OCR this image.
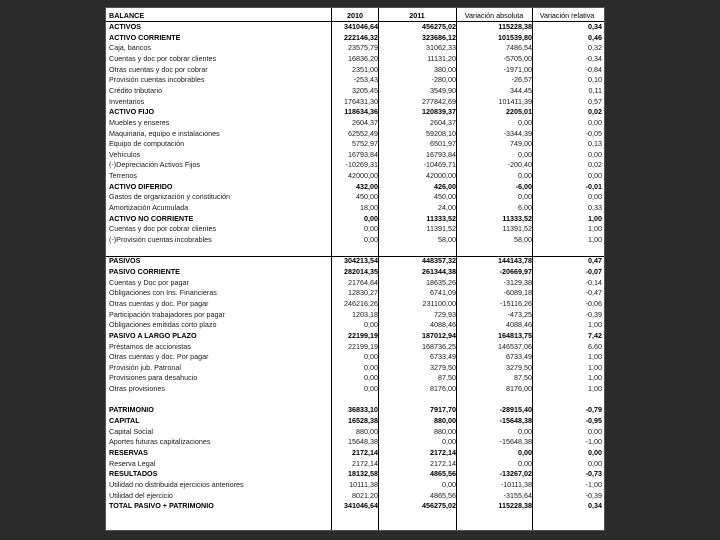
BALANCE	2010	2011	Variación absoluta	Variación relativa
ACTIVOS	341046,64	456275,02	115228,38	0,34
ACTIVO CORRIENTE	222146,32	323686,12	101539,80	0,46
Caja, bancos	23575,79	31062,33	7486,54	0,32
Cuentas y doc por cobrar clientes	16836,20	11131,20	-5705,00	-0,34
Otras cuentas y doc por cobrar	2351,00	380,00	-1971,00	-0,84
Provisión cuentas incobrables	-253,43	-280,00	-26,57	0,10
Crédito tributario	3205,45	3549,90	344,45	0,11
Inventarios	176431,30	277842,69	101411,39	0,57
ACTIVO FIJO	118634,36	120839,37	2205,01	0,02
Muebles y enseres	2604,37	2604,37	0,00	0,00
Maquinaria, equipo e instalaciones	62552,49	59208,10	-3344,39	-0,05
Equipo de computación	5752,97	6501,97	749,00	0,13
Vehículos	16793,84	16793,84	0,00	0,00
(-)Depreciación Activos Fijos	-10269,31	-10469,71	-200,40	0,02
Terrenos	42000,00	42000,00	0,00	0,00
ACTIVO DIFERIDO	432,00	426,00	-6,00	-0,01
Gastos de organización y constitución	450,00	450,00	0,00	0,00
Amortización Acumulada	18,00	24,00	6,00	0,33
ACTIVO NO CORRIENTE	0,00	11333,52	11333,52	1,00
Cuentas y doc por cobrar clientes	0,00	11391,52	11391,52	1,00
(-)Provisión cuentas incobrables	0,00	58,00	58,00	1,00
PASIVOS	304213,54	448357,32	144143,78	0,47
PASIVO CORRIENTE	282014,35	261344,38	-20669,97	-0,07
Cuentas y Doc por pagar	21764,64	18635,26	-3129,38	-0,14
Obligaciones con Ins. Financieras	12830,27	6741,09	-6089,18	-0,47
Otras cuentas y doc. Por pagar	246216,26	231100,00	-15116,26	-0,06
Participación trabajadores por pagar	1203,18	729,93	-473,25	-0,39
Obligaciones emitidas corto plazo	0,00	4088,46	4088,46	1,00
PASIVO A LARGO PLAZO	22199,19	187012,94	164813,75	7,42
Préstamos de accionistas	22199,19	168736,25	146537,06	6,60
Otras cuentas y doc. Por pagar	0,00	6733,49	6733,49	1,00
Provisión jub. Patronal	0,00	3279,50	3279,50	1,00
Provisiones para desahucio	0,00	87,50	87,50	1,00
Otras provisiones	0,00	8176,00	8176,00	1,00
PATRIMONIO	36833,10	7917,70	-28915,40	-0,79
CAPITAL	16528,38	880,00	-15648,38	-0,95
Capital Social	880,00	880,00	0,00	0,00
Aportes futuras capitalizaciones	15648,38	0,00	-15648,38	-1,00
RESERVAS	2172,14	2172,14	0,00	0,00
Reserva Legal	2172,14	2172,14	0,00	0,00
RESULTADOS	18132,58	4865,56	-13267,02	-0,73
Utilidad no distribuida ejercicios anteriores	10111,38	0,00	-10111,38	-1,00
Utilidad del ejercicio	8021,20	4865,56	-3155,64	-0,39
TOTAL PASIVO + PATRIMONIO	341046,64	456275,02	115228,38	0,34
